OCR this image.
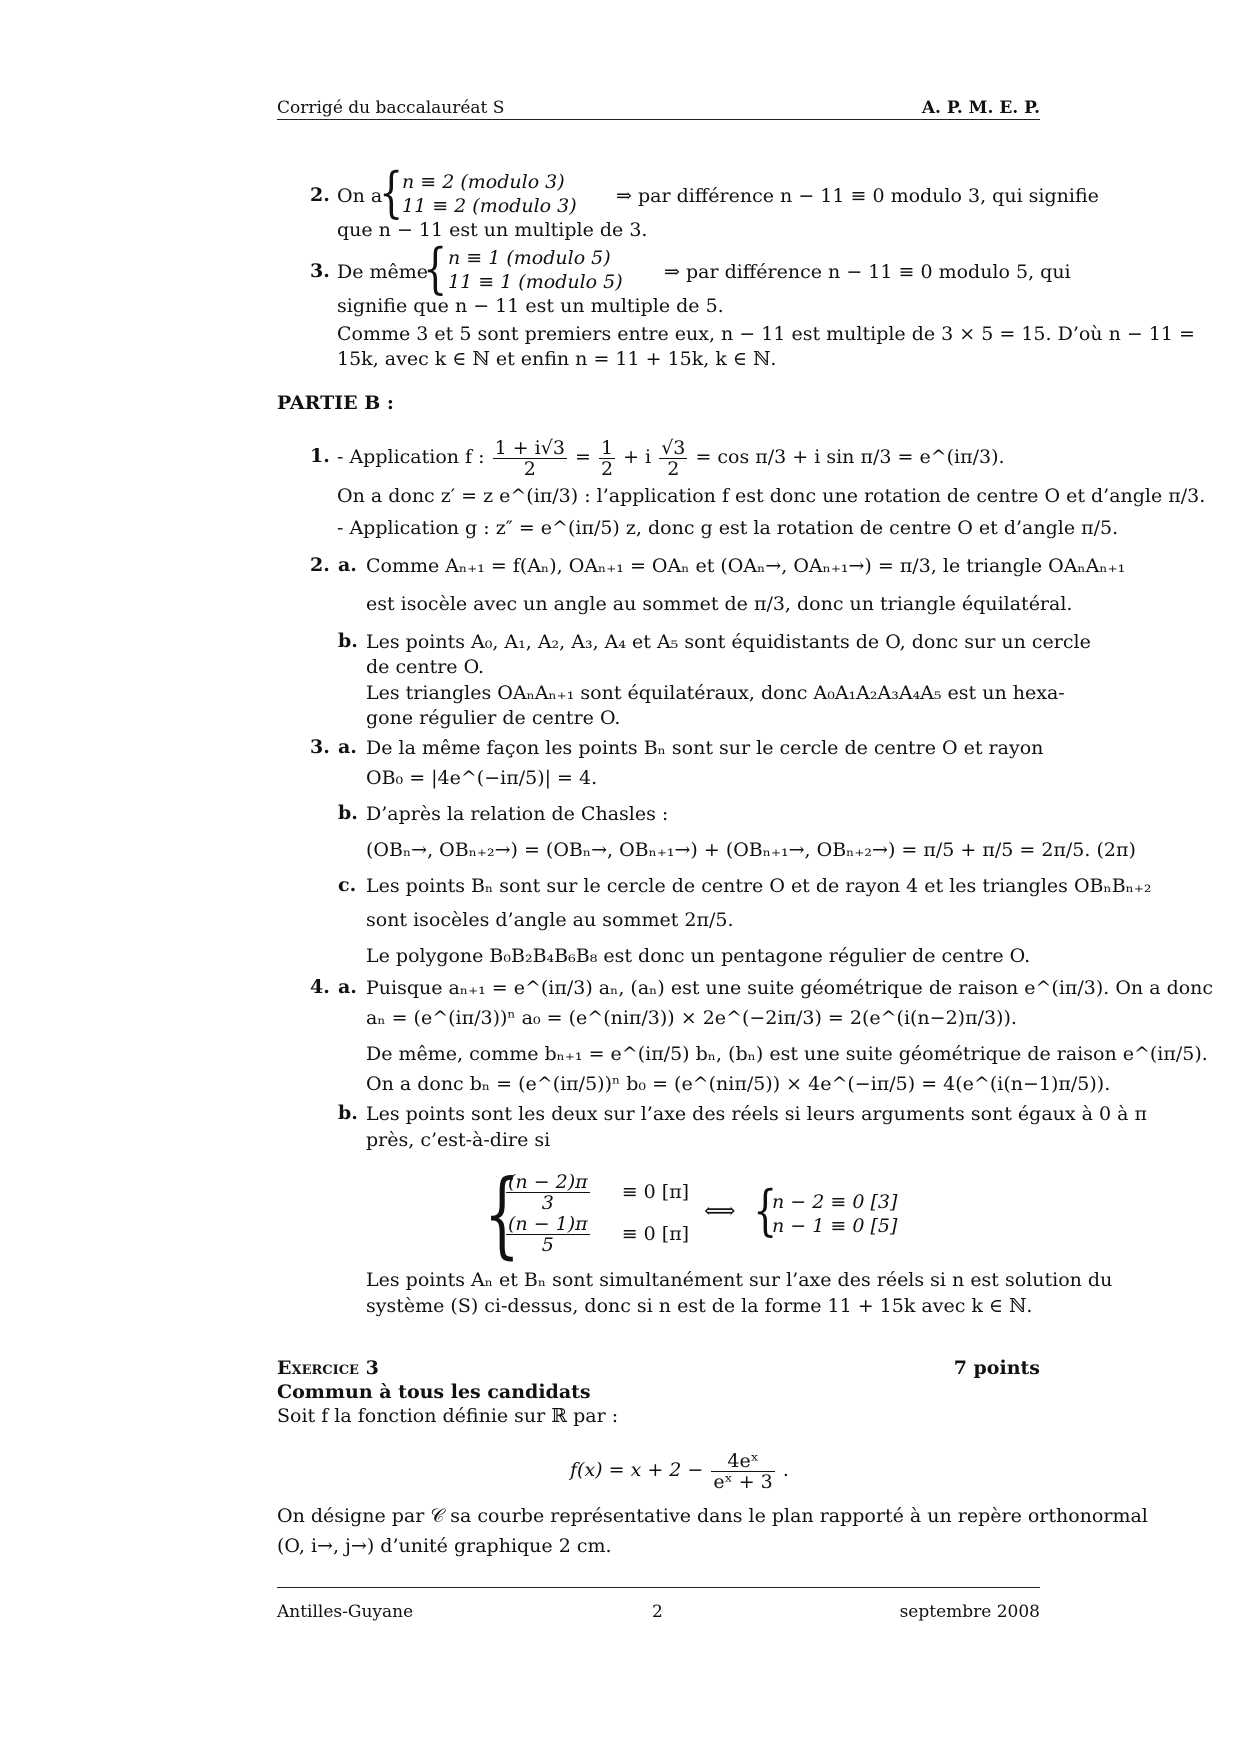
Corrigé du baccalauréat S	A. P. M. E. P.
2. On a
{
n ≡ 2 (modulo 3)
11 ≡ 2 (modulo 3) ⇒ par différence n − 11 ≡ 0 modulo 3, qui signifie
que n − 11 est un multiple de 3.
3. De même
{ n ≡ 1 (modulo 5)
11 ≡ 1 (modulo 5) ⇒ par différence n − 11 ≡ 0 modulo 5, qui
signifie que n − 11 est un multiple de 5.
Comme 3 et 5 sont premiers entre eux, n − 11 est multiple de 3 × 5 = 15. D’où n − 11 =
15k, avec k ∈ ℕ et enfin n = 11 + 15k, k ∈ ℕ.
PARTIE B :
1. - Application f : $\frac{1 + i√3}{2} = \frac{1}{2} + i \frac{√3}{2} = \cos \pi/3 + i$ sin π/3 = e^(iπ/3).
On a donc z′ = z e^(iπ/3) : l’application f est donc une rotation de centre O et d’angle π/3.
- Application g : z″ = e^(iπ/5) z, donc g est la rotation de centre O et d’angle π/5.
2. a. Comme Aₙ₊₁ = f(Aₙ), OAₙ₊₁ = OAₙ et (OAₙ→, OAₙ₊₁→) = π/3, le triangle OAₙAₙ₊₁
est isocèle avec un angle au sommet de π/3, donc un triangle équilatéral.
b. Les points A₀, A₁, A₂, A₃, A₄ et A₅ sont équidistants de O, donc sur un cercle
de centre O.
Les triangles OAₙAₙ₊₁ sont équilatéraux, donc A₀A₁A₂A₃A₄A₅ est un hexa-
gone régulier de centre O.
3. a. De la même façon les points Bₙ sont sur le cercle de centre O et rayon
OB₀ = |4e^(−iπ/5)| = 4.
b. D’après la relation de Chasles :
(OBₙ→, OBₙ₊₂→) = (OBₙ→, OBₙ₊₁→) + (OBₙ₊₁→, OBₙ₊₂→) = π/5 + π/5 = 2π/5. (2π)
c. Les points Bₙ sont sur le cercle de centre O et de rayon 4 et les triangles OBₙBₙ₊₂
sont isocèles d’angle au sommet 2π/5.
Le polygone B₀B₂B₄B₆B₈ est donc un pentagone régulier de centre O.
4. a. Puisque aₙ₊₁ = e^(iπ/3) aₙ, (aₙ) est une suite géométrique de raison e^(iπ/3). On a donc
aₙ = (e^(iπ/3))ⁿ a₀ = (e^(niπ/3)) × 2e^(−2iπ/3) = 2(e^(i(n−2)π/3)).
De même, comme bₙ₊₁ = e^(iπ/5) bₙ, (bₙ) est une suite géométrique de raison e^(iπ/5).
On a donc bₙ = (e^(iπ/5))ⁿ b₀ = (e^(niπ/5)) × 4e^(−iπ/5) = 4(e^(i(n−1)π/5)).
b. Les points sont les deux sur l’axe des réels si leurs arguments sont égaux à 0 à π
près, c’est-à-dire si
{
$\frac{(n - 2)\pi}{3} \equiv 0$ [π]
$\frac{(n - 1)\pi}{5} \equiv 0$ [π]
⟺ {
n − 2 ≡ 0 [3]
n − 1 ≡ 0 [5]
Les points Aₙ et Bₙ sont simultanément sur l’axe des réels si n est solution du
système (S) ci-dessus, donc si n est de la forme 11 + 15k avec k ∈ ℕ.
Exercice 3	7 points
Commun à tous les candidats
Soit f la fonction définie sur ℝ par :
$f(x) = x + 2 - \frac{\text{4eˣ}}{\text{eˣ + 3}}$ .
On désigne par 𝒞 sa courbe représentative dans le plan rapporté à un repère orthonormal
(O, i→, j→) d’unité graphique 2 cm.
Antilles-Guyane	2	septembre 2008
